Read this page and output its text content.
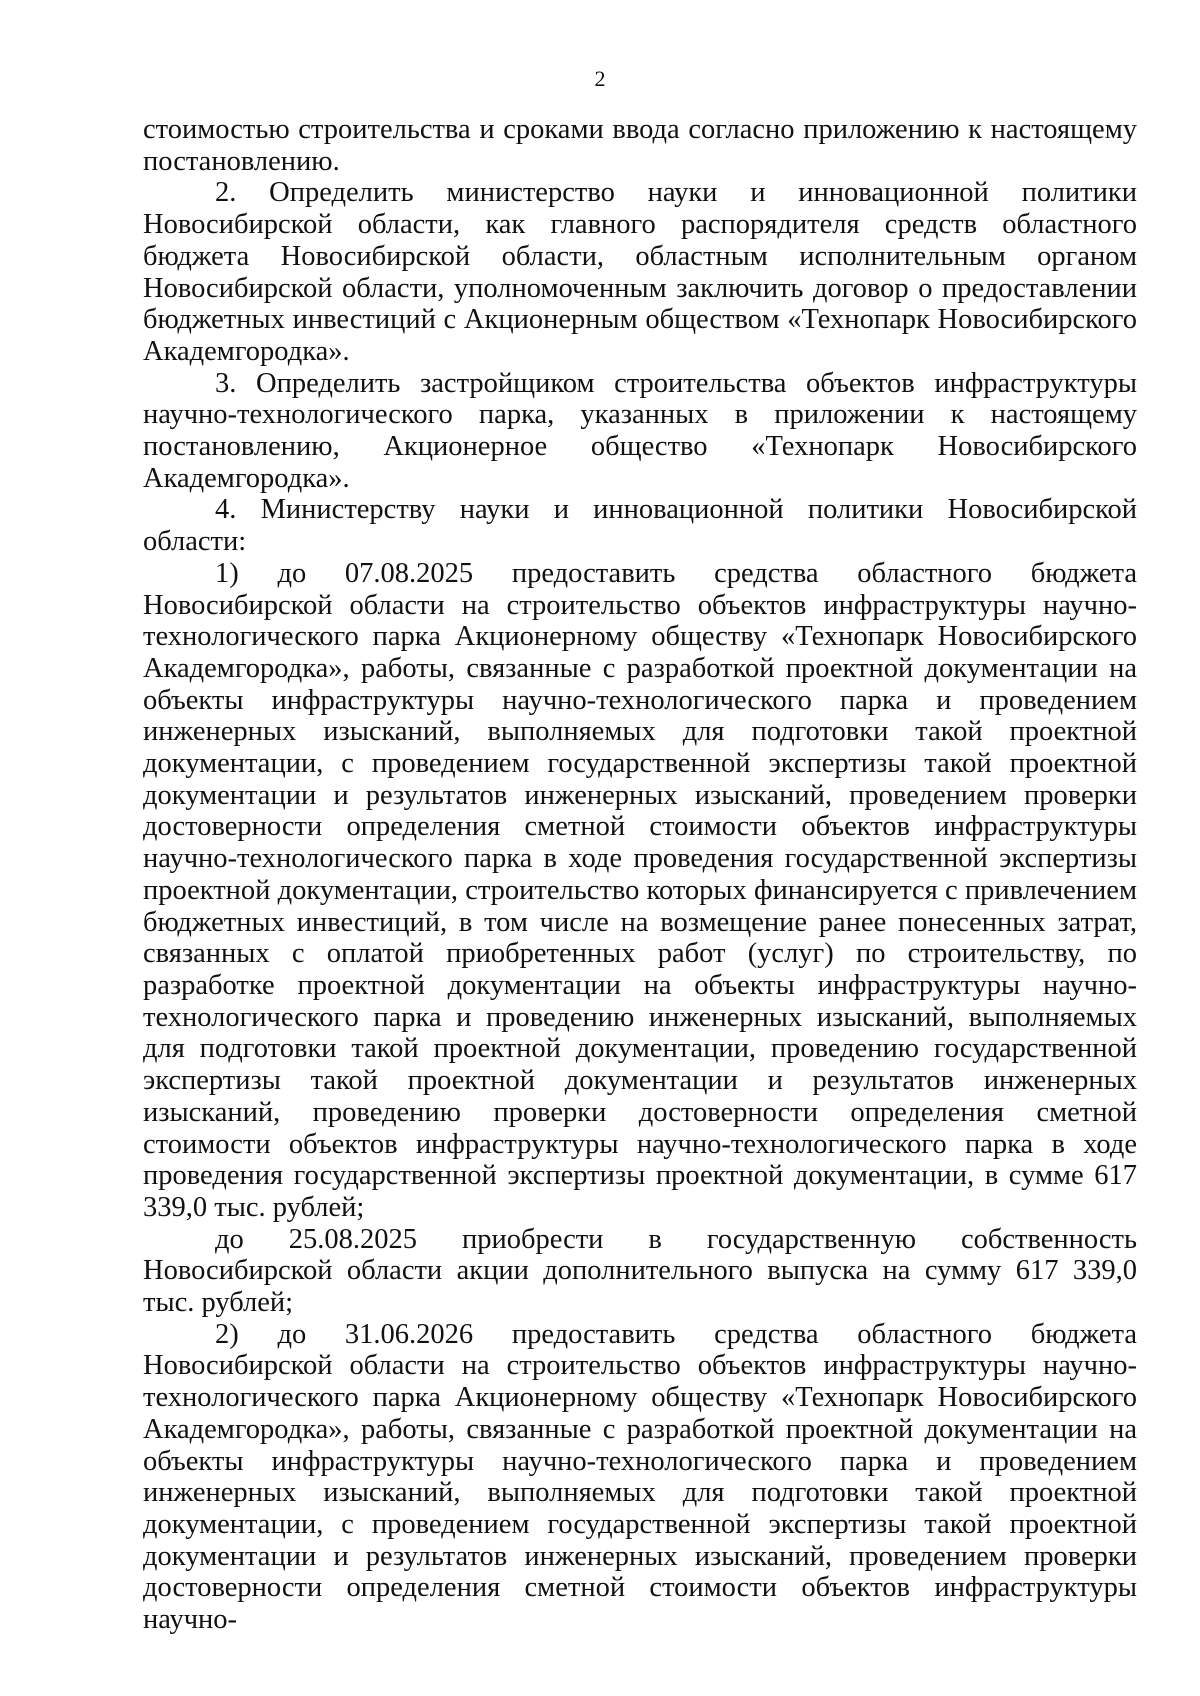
2

стоимостью строительства и сроками ввода согласно приложению к настоящему постановлению.

2. Определить министерство науки и инновационной политики Новосибирской области, как главного распорядителя средств областного бюджета Новосибирской области, областным исполнительным органом Новосибирской области, уполномоченным заключить договор о предоставлении бюджетных инвестиций с Акционерным обществом «Технопарк Новосибирского Академгородка».

3. Определить застройщиком строительства объектов инфраструктуры научно-технологического парка, указанных в приложении к настоящему постановлению, Акционерное общество «Технопарк Новосибирского Академгородка».

4. Министерству науки и инновационной политики Новосибирской области:

1) до 07.08.2025 предоставить средства областного бюджета Новосибирской области на строительство объектов инфраструктуры научно-технологического парка Акционерному обществу «Технопарк Новосибирского Академгородка», работы, связанные с разработкой проектной документации на объекты инфраструктуры научно-технологического парка и проведением инженерных изысканий, выполняемых для подготовки такой проектной документации, с проведением государственной экспертизы такой проектной документации и результатов инженерных изысканий, проведением проверки достоверности определения сметной стоимости объектов инфраструктуры научно-технологического парка в ходе проведения государственной экспертизы проектной документации, строительство которых финансируется с привлечением бюджетных инвестиций, в том числе на возмещение ранее понесенных затрат, связанных с оплатой приобретенных работ (услуг) по строительству, по разработке проектной документации на объекты инфраструктуры научно-технологического парка и проведению инженерных изысканий, выполняемых для подготовки такой проектной документации, проведению государственной экспертизы такой проектной документации и результатов инженерных изысканий, проведению проверки достоверности определения сметной стоимости объектов инфраструктуры научно-технологического парка в ходе проведения государственной экспертизы проектной документации, в сумме 617 339,0 тыс. рублей;

до 25.08.2025 приобрести в государственную собственность Новосибирской области акции дополнительного выпуска на сумму 617 339,0 тыс. рублей;

2) до 31.06.2026 предоставить средства областного бюджета Новосибирской области на строительство объектов инфраструктуры научно-технологического парка Акционерному обществу «Технопарк Новосибирского Академгородка», работы, связанные с разработкой проектной документации на объекты инфраструктуры научно-технологического парка и проведением инженерных изысканий, выполняемых для подготовки такой проектной документации, с проведением государственной экспертизы такой проектной документации и результатов инженерных изысканий, проведением проверки достоверности определения сметной стоимости объектов инфраструктуры научно-
